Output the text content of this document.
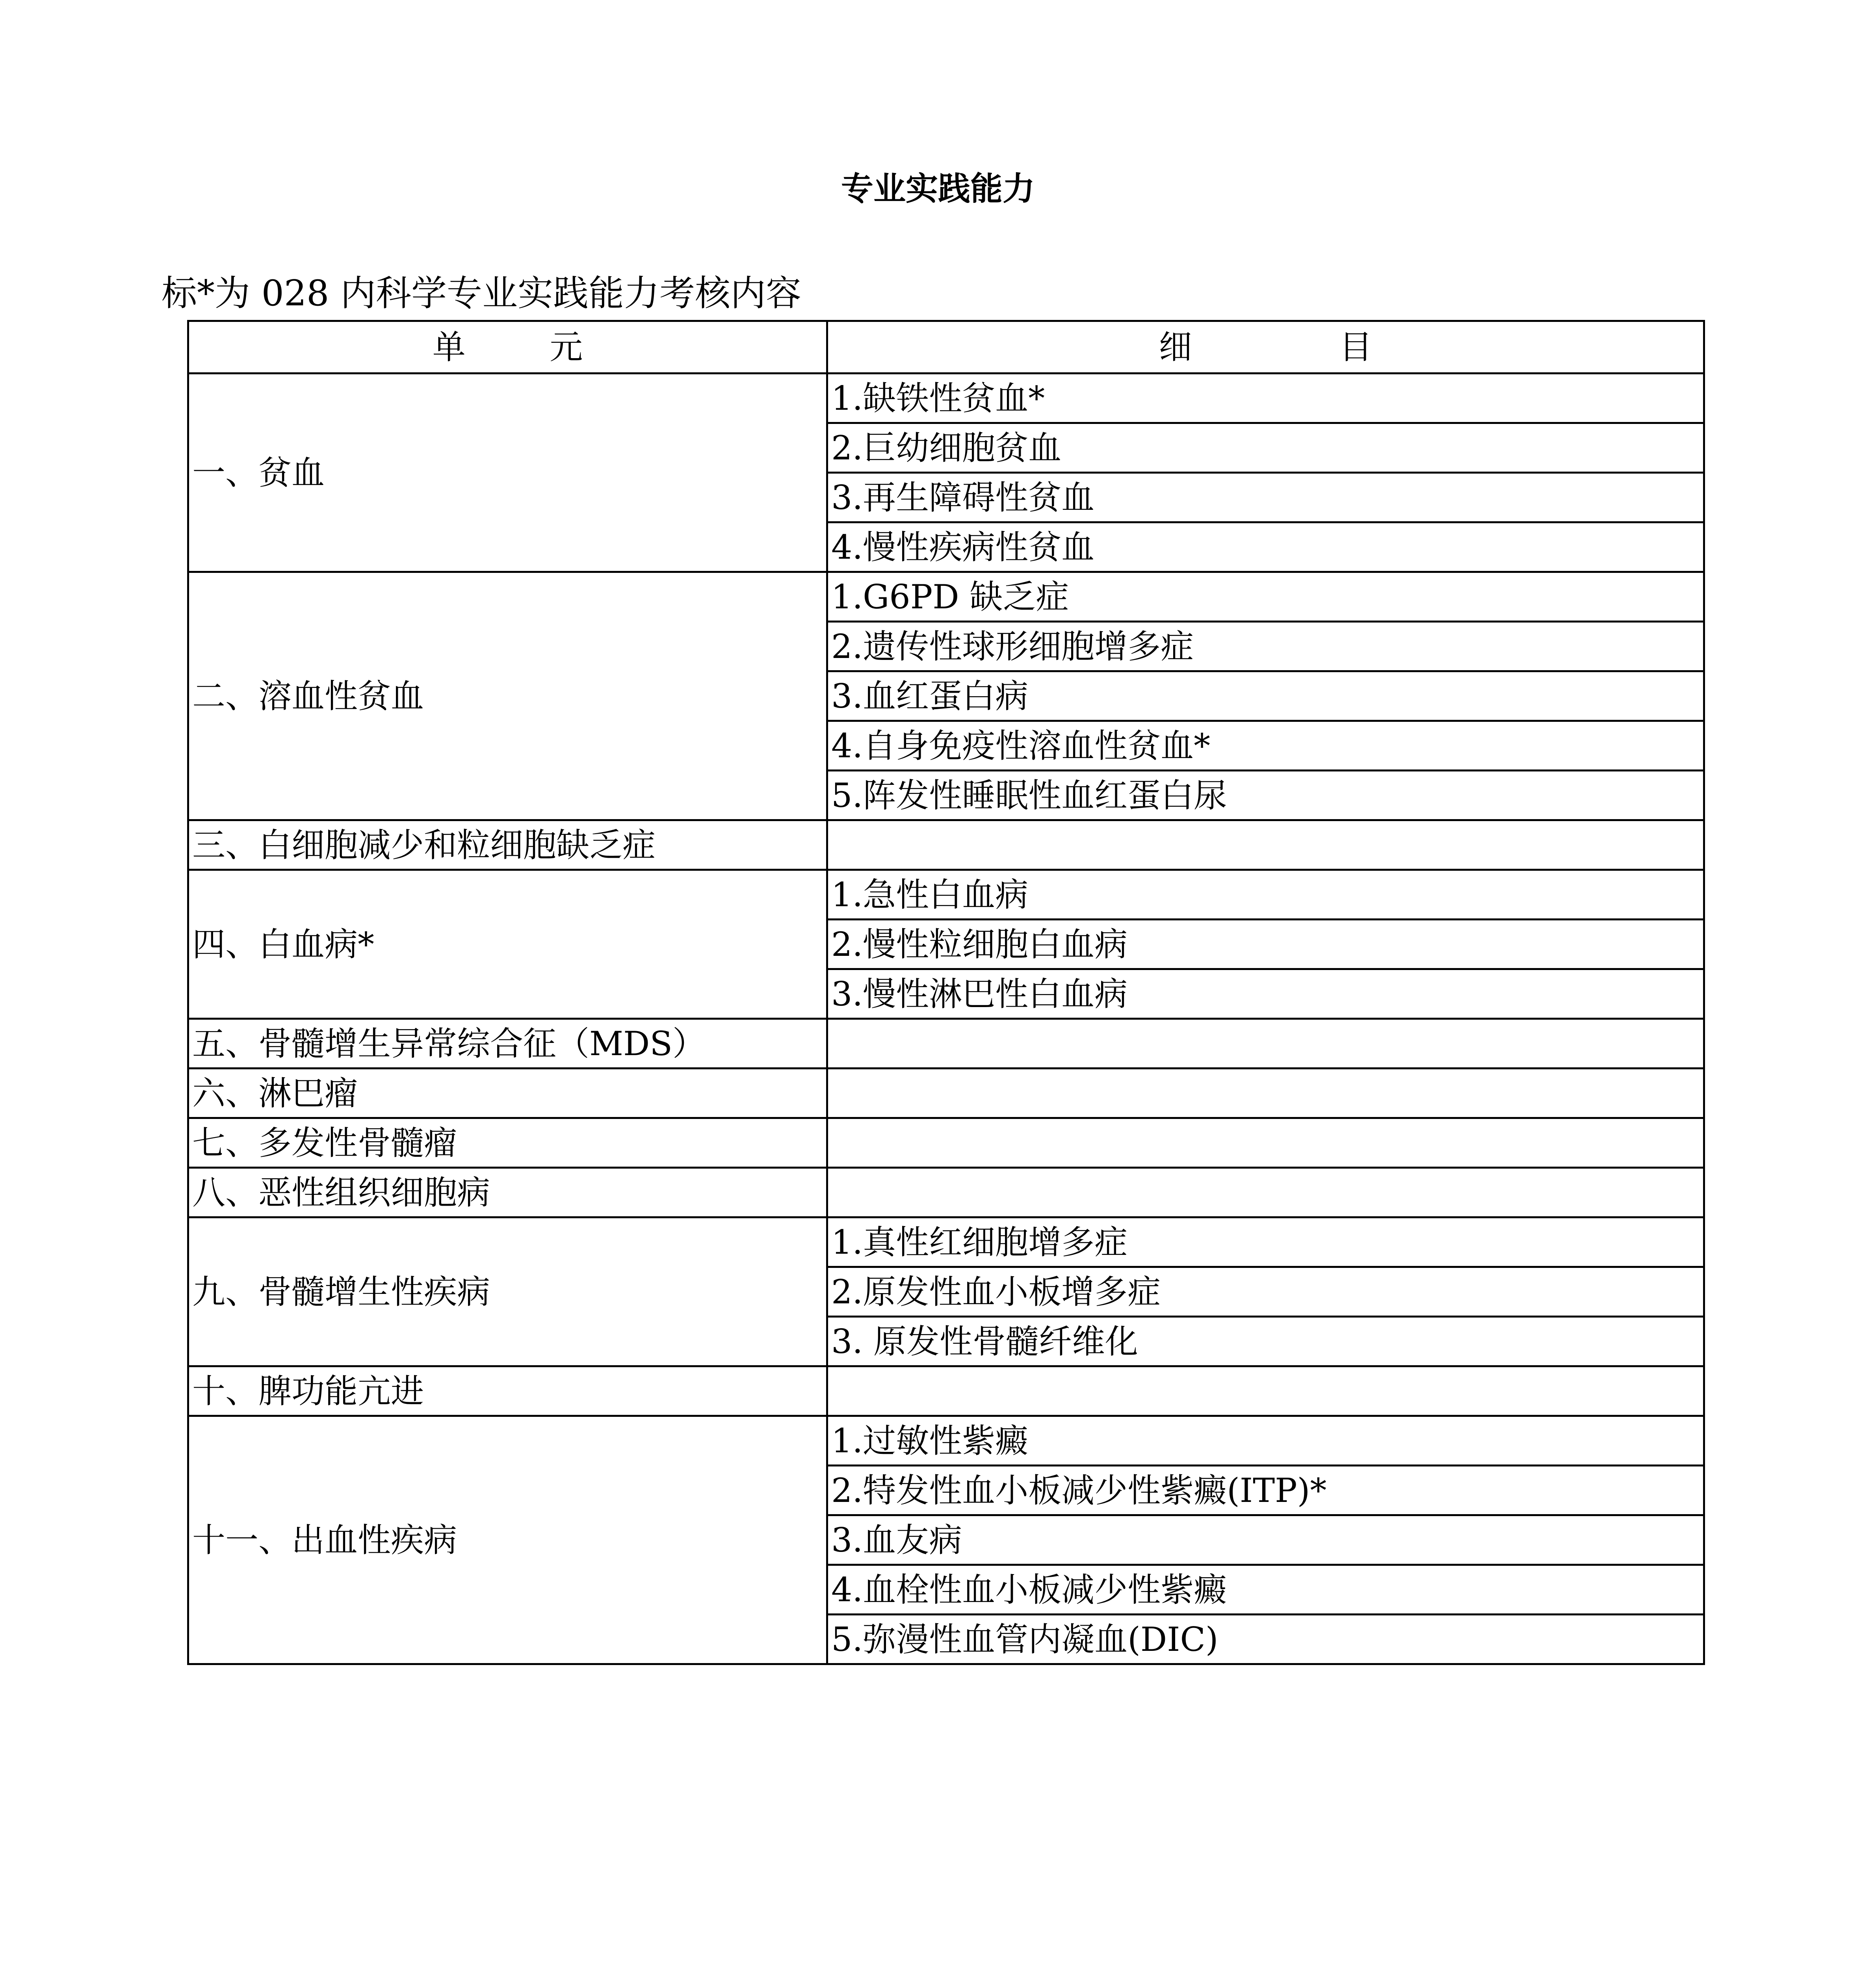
专业实践能力
标*为 028 内科学专业实践能力考核内容
单        元	细              目
一、贫血	1.缺铁性贫血*
	2.巨幼细胞贫血
	3.再生障碍性贫血
	4.慢性疾病性贫血
二、溶血性贫血	1.G6PD 缺乏症
	2.遗传性球形细胞增多症
	3.血红蛋白病
	4.自身免疫性溶血性贫血*
	5.阵发性睡眠性血红蛋白尿
三、白细胞减少和粒细胞缺乏症	
四、白血病*	1.急性白血病
	2.慢性粒细胞白血病
	3.慢性淋巴性白血病
五、骨髓增生异常综合征（MDS）	
六、淋巴瘤	
七、多发性骨髓瘤	
八、恶性组织细胞病	
九、骨髓增生性疾病	1.真性红细胞增多症
	2.原发性血小板增多症
	3. 原发性骨髓纤维化
十、脾功能亢进	
十一、出血性疾病	1.过敏性紫癜
	2.特发性血小板减少性紫癜(ITP)*
	3.血友病
	4.血栓性血小板减少性紫癜
	5.弥漫性血管内凝血(DIC)
